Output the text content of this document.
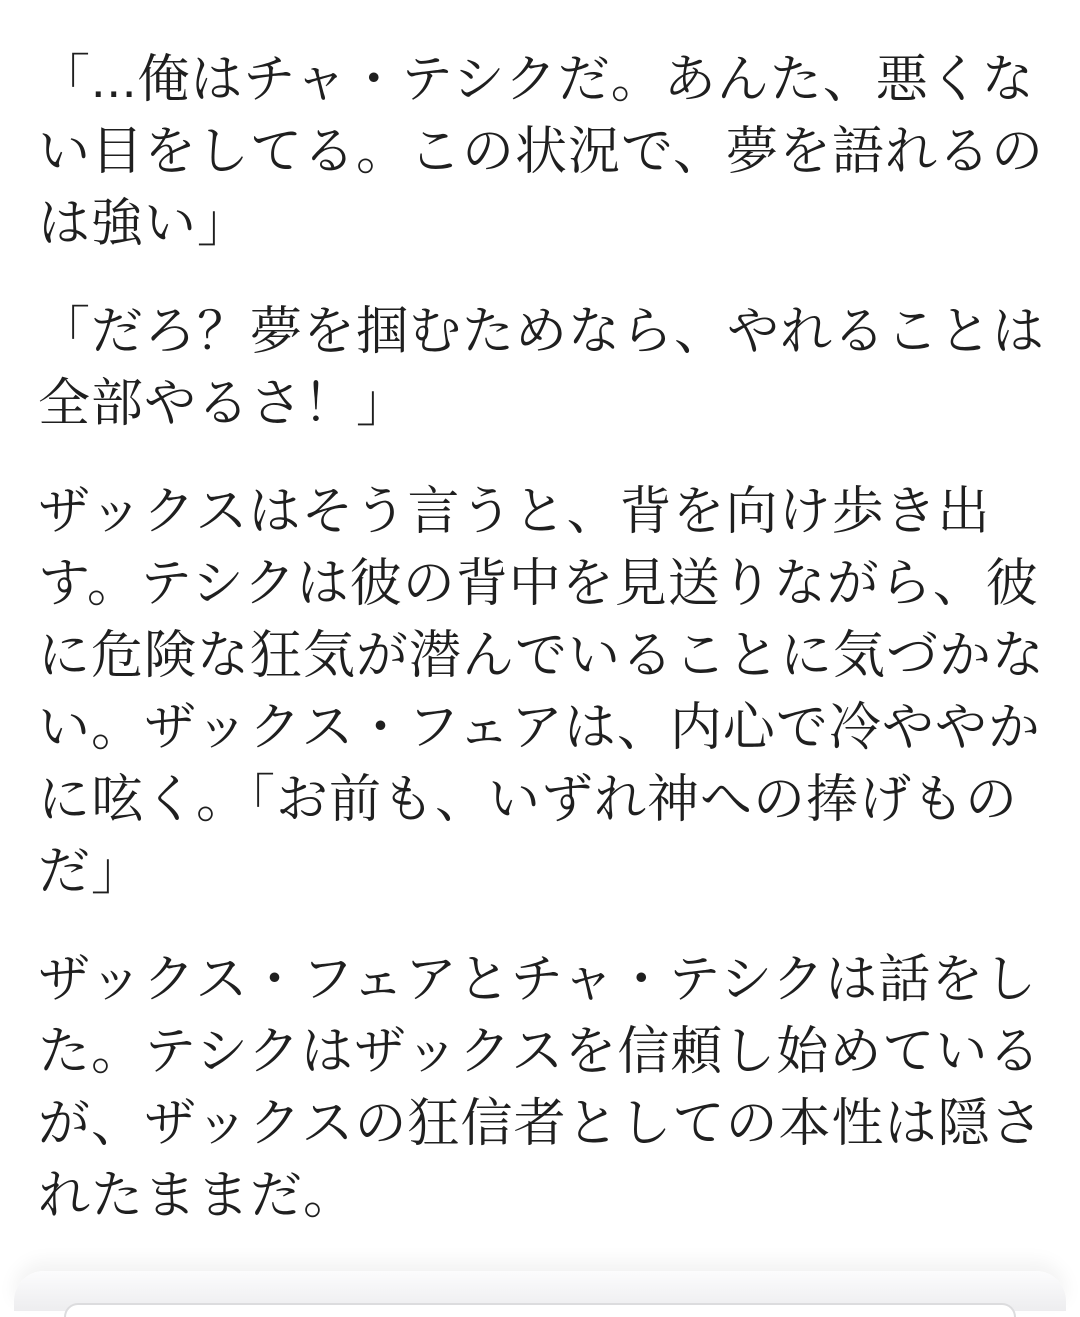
「...俺はチャ・テシクだ。あんた、悪くない目をしてる。この状況で、夢を語れるのは強い」

「だろ？夢を掴むためなら、やれることは全部やるさ！」

ザックスはそう言うと、背を向け歩き出す。テシクは彼の背中を見送りながら、彼に危険な狂気が潜んでいることに気づかない。ザックス・フェアは、内心で冷ややかに呟く。「お前も、いずれ神への捧げものだ」

ザックス・フェアとチャ・テシクは話をした。テシクはザックスを信頼し始めているが、ザックスの狂信者としての本性は隠されたままだ。
